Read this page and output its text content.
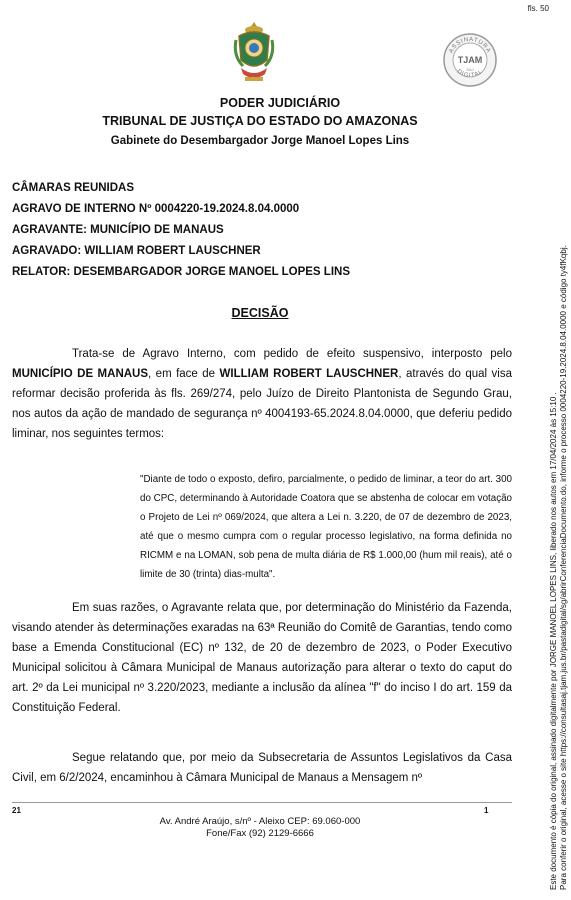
fls. 50
ASSINATURA
TJAM
SAJ
DIGITAL
PODER JUDICIÁRIO
TRIBUNAL DE JUSTIÇA DO ESTADO DO AMAZONAS
Gabinete do Desembargador Jorge Manoel Lopes Lins
CÂMARAS REUNIDAS
AGRAVO DE INTERNO Nº 0004220-19.2024.8.04.0000
AGRAVANTE: MUNICÍPIO DE MANAUS
AGRAVADO: WILLIAM ROBERT LAUSCHNER
RELATOR: DESEMBARGADOR JORGE MANOEL LOPES LINS
DECISÃO
Trata-se de Agravo Interno, com pedido de efeito suspensivo, interposto pelo MUNICÍPIO DE MANAUS, em face de WILLIAM ROBERT LAUSCHNER, através do qual visa reformar decisão proferida às fls. 269/274, pelo Juízo de Direito Plantonista de Segundo Grau, nos autos da ação de mandado de segurança nº 4004193-65.2024.8.04.0000, que deferiu pedido liminar, nos seguintes termos:
"Diante de todo o exposto, defiro, parcialmente, o pedido de liminar, a teor do art. 300 do CPC, determinando à Autoridade Coatora que se abstenha de colocar em votação o Projeto de Lei nº 069/2024, que altera a Lei n. 3.220, de 07 de dezembro de 2023, até que o mesmo cumpra com o regular processo legislativo, na forma definida no RICMM e na LOMAN, sob pena de multa diária de R$ 1.000,00 (hum mil reais), até o limite de 30 (trinta) dias-multa".
Em suas razões, o Agravante relata que, por determinação do Ministério da Fazenda, visando atender às determinações exaradas na 63ª Reunião do Comitê de Garantias, tendo como base a Emenda Constitucional (EC) nº 132, de 20 de dezembro de 2023, o Poder Executivo Municipal solicitou à Câmara Municipal de Manaus autorização para alterar o texto do caput do art. 2º da Lei municipal nº 3.220/2023, mediante a inclusão da alínea "f" do inciso I do art. 159 da Constituição Federal.
Segue relatando que, por meio da Subsecretaria de Assuntos Legislativos da Casa Civil, em 6/2/2024, encaminhou à Câmara Municipal de Manaus a Mensagem nº
21	1
Av. André Araújo, s/nº - Aleixo CEP: 69.060-000
Fone/Fax (92) 2129-6666	Este documento é cópia do original, assinado digitalmente por JORGE MANOEL LOPES LINS, liberado nos autos em 17/04/2024 às 15:10 . Para conferir o original, acesse o site https://consultasaj.tjam.jus.br/pastadigital/sg/abrirConferenciaDocumento.do, informe o processo 0004220-19.2024.8.04.0000 e código ty4fKqbj.
